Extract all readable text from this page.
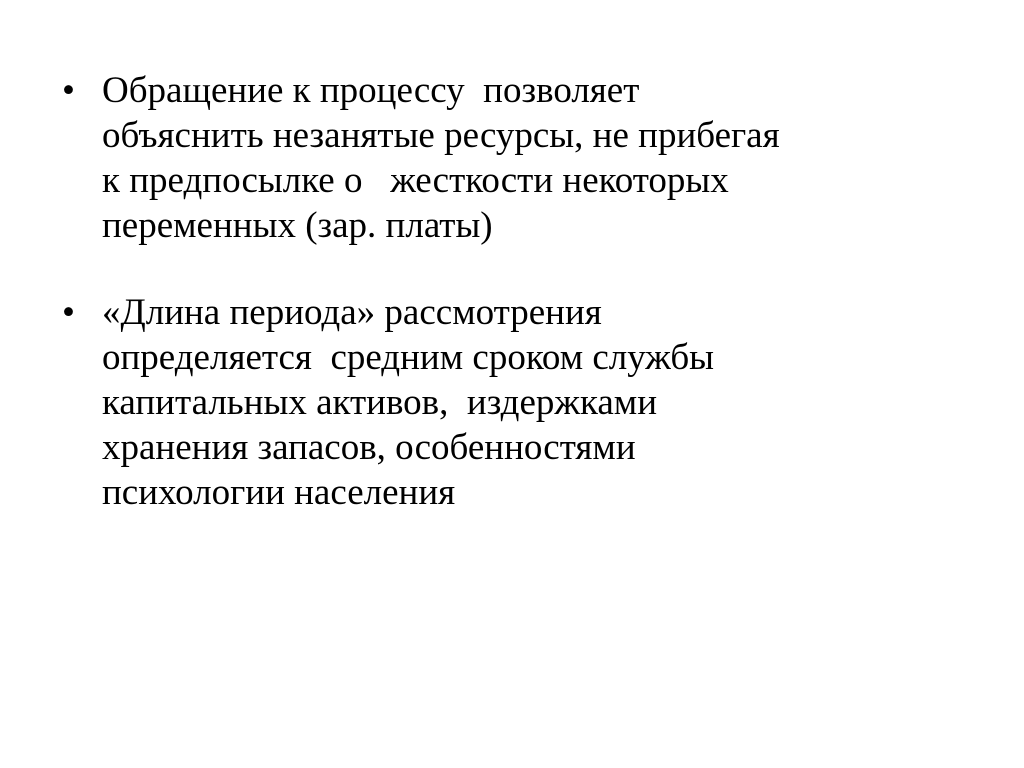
• Обращение к процессу  позволяет
объяснить незанятые ресурсы, не прибегая
к предпосылке о   жесткости некоторых
переменных (зар. платы)
• «Длина периода» рассмотрения
определяется  средним сроком службы
капитальных активов,  издержками
хранения запасов, особенностями
психологии населения
